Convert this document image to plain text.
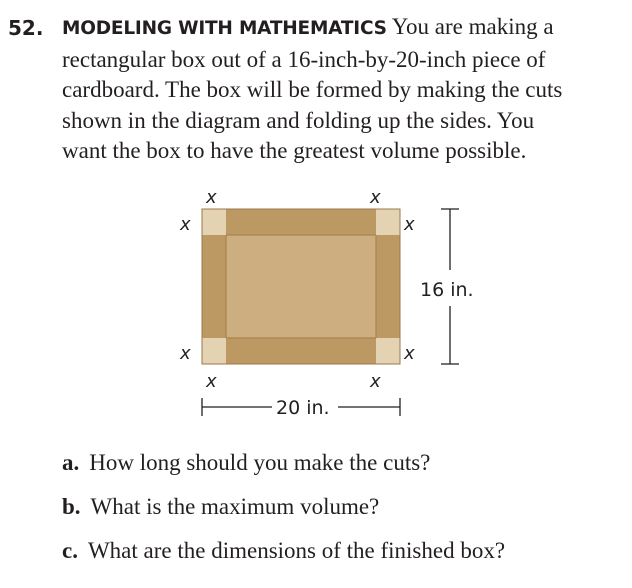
52. MODELING WITH MATHEMATICS You are making a
rectangular box out of a 16-inch-by-20-inch piece of
cardboard. The box will be formed by making the cuts
shown in the diagram and folding up the sides. You
want the box to have the greatest volume possible.
x	x
x	x
x	x
x	x
16 in.
20 in.
a. How long should you make the cuts?
b. What is the maximum volume?
c. What are the dimensions of the finished box?
